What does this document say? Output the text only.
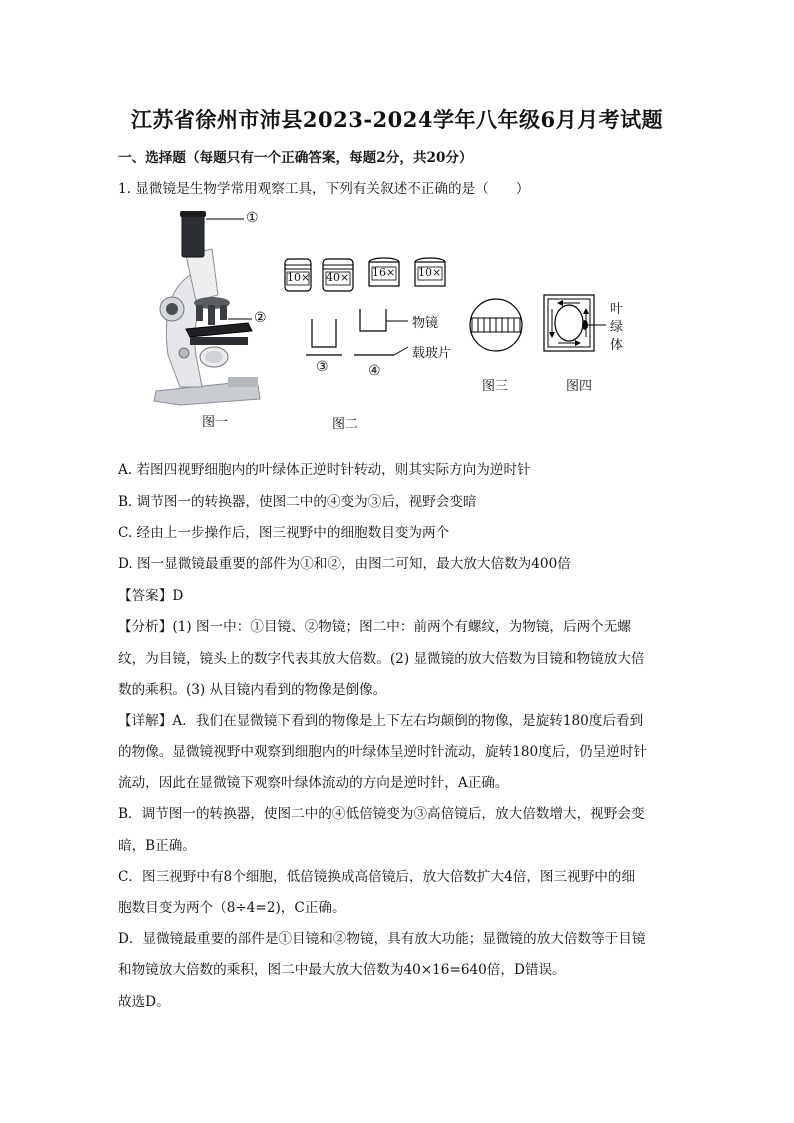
江苏省徐州市沛县2023-2024学年八年级6月月考试题
一、选择题（每题只有一个正确答案，每题2分，共20分）
1. 显微镜是生物学常用观察工具，下列有关叙述不正确的是（　　）
①
②
③	④
10× 40× 16× 10×
物镜
载玻片
叶
绿
体
图一	图二
图三	图四
A. 若图四视野细胞内的叶绿体正逆时针转动，则其实际方向为逆时针
B. 调节图一的转换器，使图二中的④变为③后，视野会变暗
C. 经由上一步操作后，图三视野中的细胞数目变为两个
D. 图一显微镜最重要的部件为①和②，由图二可知，最大放大倍数为400倍
【答案】D
【分析】(1) 图一中：①目镜、②物镜；图二中：前两个有螺纹，为物镜，后两个无螺
纹，为目镜，镜头上的数字代表其放大倍数。(2) 显微镜的放大倍数为目镜和物镜放大倍
数的乘积。(3) 从目镜内看到的物像是倒像。
【详解】A．我们在显微镜下看到的物像是上下左右均颠倒的物像，是旋转180度后看到
的物像。显微镜视野中观察到细胞内的叶绿体呈逆时针流动，旋转180度后，仍呈逆时针
流动，因此在显微镜下观察叶绿体流动的方向是逆时针，A正确。
B．调节图一的转换器，使图二中的④低倍镜变为③高倍镜后，放大倍数增大，视野会变
暗，B正确。
C．图三视野中有8个细胞，低倍镜换成高倍镜后，放大倍数扩大4倍，图三视野中的细
胞数目变为两个（8÷4=2)，C正确。
D．显微镜最重要的部件是①目镜和②物镜，具有放大功能；显微镜的放大倍数等于目镜
和物镜放大倍数的乘积，图二中最大放大倍数为40×16=640倍，D错误。
故选D。
